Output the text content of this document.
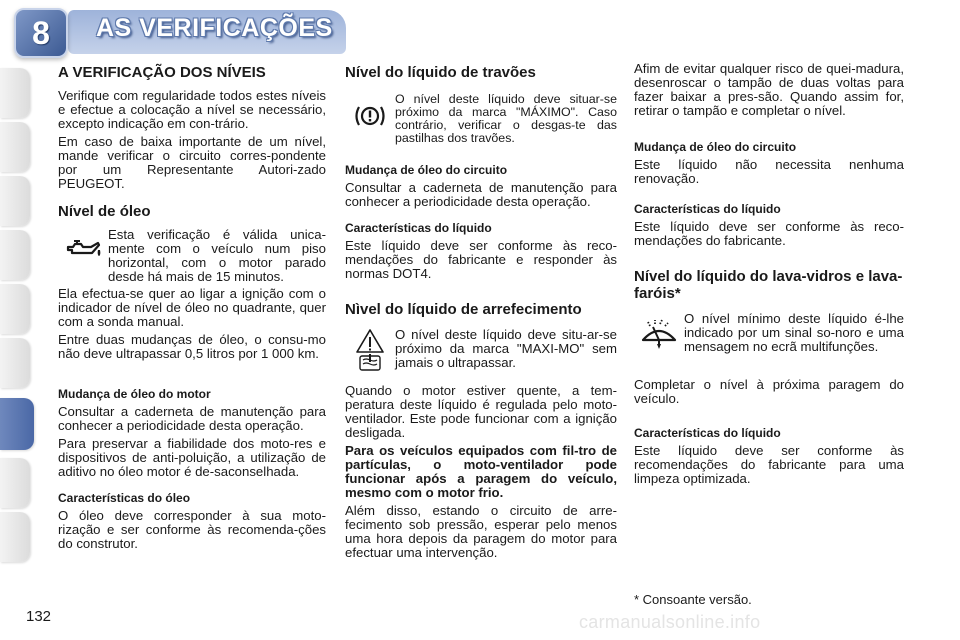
8	AS VERIFICAÇÕES
A VERIFICAÇÃO DOS NÍVEIS

Verifique com regularidade todos estes níveis e efectue a colocação a nível se necessário, excepto indicação em con-trário.

Em caso de baixa importante de um nível, mande verificar o circuito corres-pondente por um Representante Autori-zado PEUGEOT.

Nível de óleo
Esta verificação é válida unica-mente com o veículo num piso horizontal, com o motor parado desde há mais de 15 minutos.

Ela efectua-se quer ao ligar a ignição com o indicador de nível de óleo no quadrante, quer com a sonda manual.

Entre duas mudanças de óleo, o consu-mo não deve ultrapassar 0,5 litros por 1 000 km.

Mudança de óleo do motor

Consultar a caderneta de manutenção para conhecer a periodicidade desta operação.

Para preservar a fiabilidade dos moto-res e dispositivos de anti-poluição, a utilização de aditivo no óleo motor é de-saconselhada.

Características do óleo

O óleo deve corresponder à sua moto-rização e ser conforme às recomenda-ções do construtor.

Nível do líquido de travões
O nível deste líquido deve situar-se próximo da marca "MÁXIMO". Caso contrário, verificar o desgas-te das pastilhas dos travões.
Mudança de óleo do circuito

Consultar a caderneta de manutenção para conhecer a periodicidade desta operação.

Características do líquido

Este líquido deve ser conforme às reco-mendações do fabricante e responder às normas DOT4.

Nìvel do líquido de arrefecimento
O nível deste líquido deve situ-ar-se próximo da marca "MAXI-MO" sem jamais o ultrapassar.

Quando o motor estiver quente, a tem-peratura deste líquido é regulada pelo moto-ventilador. Este pode funcionar com a ignição desligada.

Para os veículos equipados com fil-tro de partículas, o moto-ventilador pode funcionar após a paragem do veículo, mesmo com o motor frio.

Além disso, estando o circuito de arre-fecimento sob pressão, esperar pelo menos uma hora depois da paragem do motor para efectuar uma intervenção.

Afim de evitar qualquer risco de quei-madura, desenroscar o tampão de duas voltas para fazer baixar a pres-são. Quando assim for, retirar o tampão e completar o nível.

Mudança de óleo do circuito

Este líquido não necessita nenhuma renovação.

Características do líquido

Este líquido deve ser conforme às reco-mendações do fabricante.

Nível do líquido do lava-vidros e lava-faróis*
O nível mínimo deste líquido é-lhe indicado por um sinal so-noro e uma mensagem no ecrã multifunções.

Completar o nível à próxima paragem do veículo.

Características do líquido

Este líquido deve ser conforme às recomendações do fabricante para uma limpeza optimizada.

* Consoante versão.
132	carmanualsonline.info
